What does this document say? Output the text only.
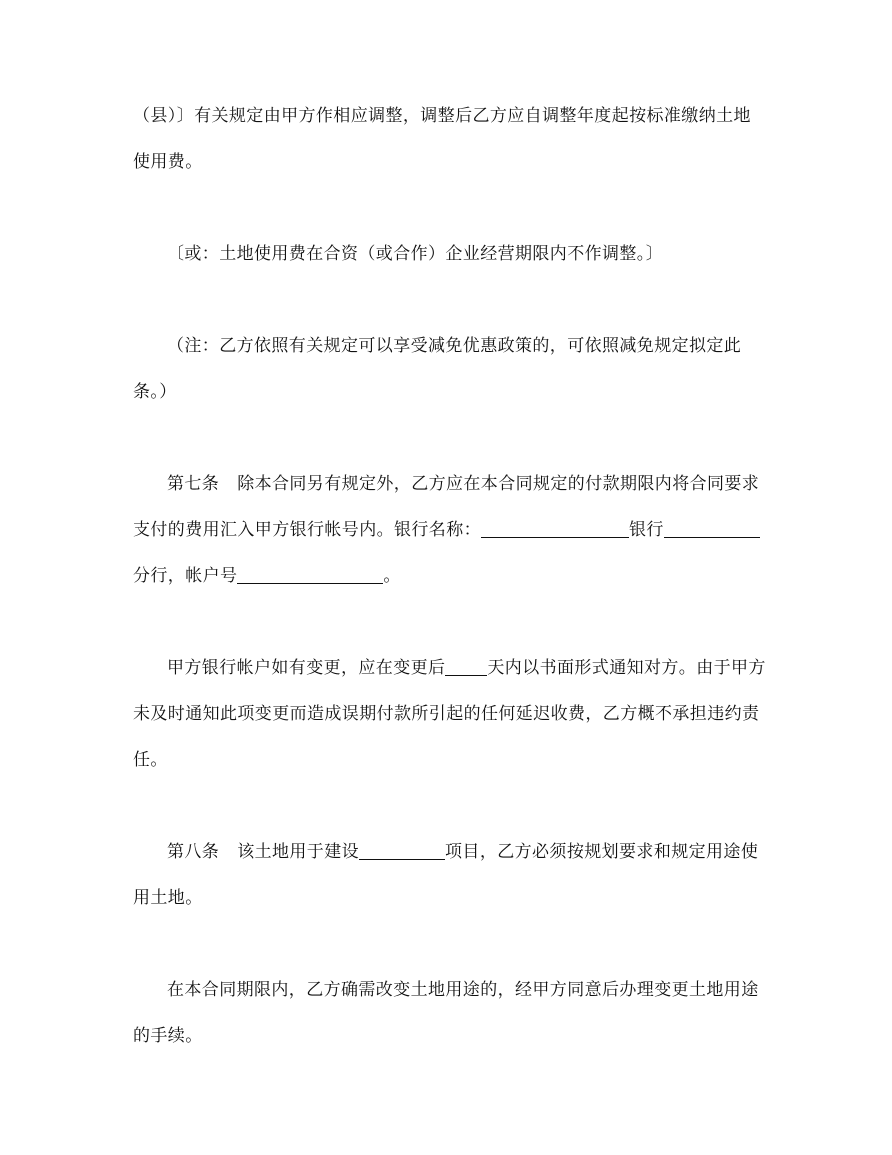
（县）〕有关规定由甲方作相应调整，调整后乙方应自调整年度起按标准缴纳土地
使用费。
〔或：土地使用费在合资（或合作）企业经营期限内不作调整。〕
（注：乙方依照有关规定可以享受减免优惠政策的，可依照减免规定拟定此
条。）
第七条 除本合同另有规定外，乙方应在本合同规定的付款期限内将合同要求
支付的费用汇入甲方银行帐号内。银行名称：	银行
分行，帐户号	。
甲方银行帐户如有变更，应在变更后 天内以书面形式通知对方。由于甲方
未及时通知此项变更而造成误期付款所引起的任何延迟收费，乙方概不承担违约责
任。
第八条 该土地用于建设	项目，乙方必须按规划要求和规定用途使
用土地。
在本合同期限内，乙方确需改变土地用途的，经甲方同意后办理变更土地用途
的手续。
